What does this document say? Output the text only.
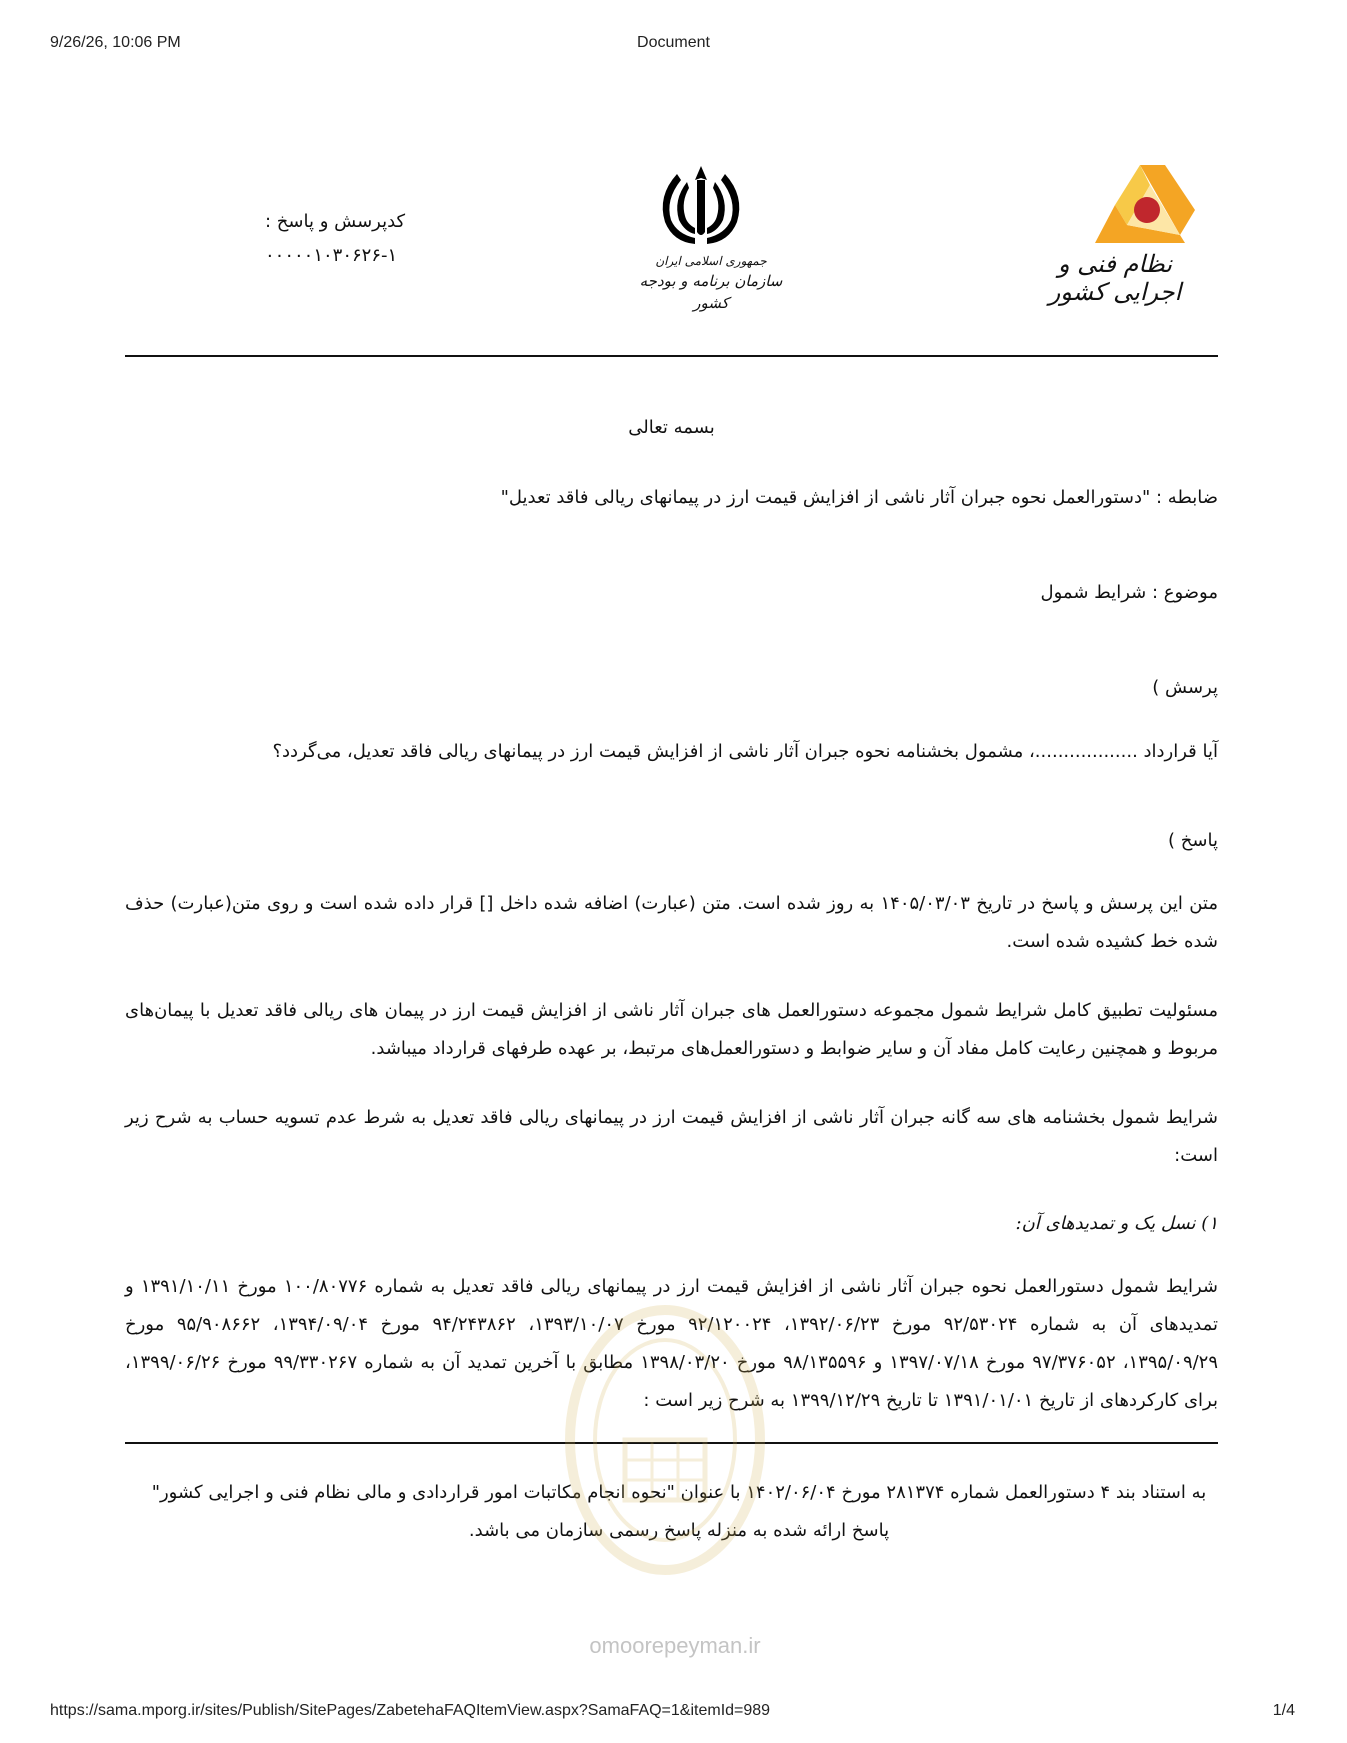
9/26/26, 10:06 PM	Document
کدپرسش و پاسخ :
۰۰۰۰۰۱۰۳۰۶۲۶-۱	جمهوری اسلامی ایران
سازمان برنامه و بودجه کشور
نظام فنی و اجرایی کشور
بسمه تعالی
ضابطه : "دستورالعمل نحوه جبران آثار ناشی از افزایش قیمت ارز در پیمانهای ریالی فاقد تعدیل"
موضوع : شرایط شمول
پرسش )
آیا قرارداد ..................، مشمول بخشنامه نحوه جبران آثار ناشی از افزایش قیمت ارز در پیمانهای ریالی فاقد تعدیل، می‌گردد؟
پاسخ )
متن این پرسش و پاسخ در تاریخ ۱۴۰۵/۰۳/۰۳ به روز شده است. متن (عبارت) اضافه شده داخل [] قرار داده شده است و روی متن(عبارت) حذف شده خط کشیده شده است.
مسئولیت تطبیق کامل شرایط شمول مجموعه دستورالعمل های جبران آثار ناشی از افزایش قیمت ارز در پیمان های ریالی فاقد تعدیل با پیمان‌های مربوط و همچنین رعایت کامل مفاد آن و سایر ضوابط و دستورالعمل‌های مرتبط، بر عهده طرفهای قرارداد میباشد.
شرایط شمول بخشنامه های سه گانه جبران آثار ناشی از افزایش قیمت ارز در پیمانهای ریالی فاقد تعدیل به شرط عدم تسویه حساب به شرح زیر است:
۱) نسل یک و تمدیدهای آن:
شرایط شمول دستورالعمل نحوه جبران آثار ناشی از افزایش قیمت ارز در پیمانهای ریالی فاقد تعدیل به شماره ۱۰۰/۸۰۷۷۶ مورخ ۱۳۹۱/۱۰/۱۱ و تمدیدهای آن به شماره ۹۲/۵۳۰۲۴ مورخ ۱۳۹۲/۰۶/۲۳، ۹۲/۱۲۰۰۲۴ مورخ ۱۳۹۳/۱۰/۰۷، ۹۴/۲۴۳۸۶۲ مورخ ۱۳۹۴/۰۹/۰۴، ۹۵/۹۰۸۶۶۲ مورخ ۱۳۹۵/۰۹/۲۹، ۹۷/۳۷۶۰۵۲ مورخ ۱۳۹۷/۰۷/۱۸ و ۹۸/۱۳۵۵۹۶ مورخ ۱۳۹۸/۰۳/۲۰ مطابق با آخرین تمدید آن به شماره ۹۹/۳۳۰۲۶۷ مورخ ۱۳۹۹/۰۶/۲۶، برای کارکردهای از تاریخ ۱۳۹۱/۰۱/۰۱ تا تاریخ ۱۳۹۹/۱۲/۲۹ به شرح زیر است :
به استناد بند ۴ دستورالعمل شماره ۲۸۱۳۷۴ مورخ ۱۴۰۲/۰۶/۰۴ با عنوان "نحوه انجام مکاتبات امور قراردادی و مالی نظام فنی و اجرایی کشور" پاسخ ارائه شده به منزله پاسخ رسمی سازمان می باشد.
omoorepeyman.ir
https://sama.mporg.ir/sites/Publish/SitePages/ZabetehaFAQItemView.aspx?SamaFAQ=1&itemId=989	1/4
